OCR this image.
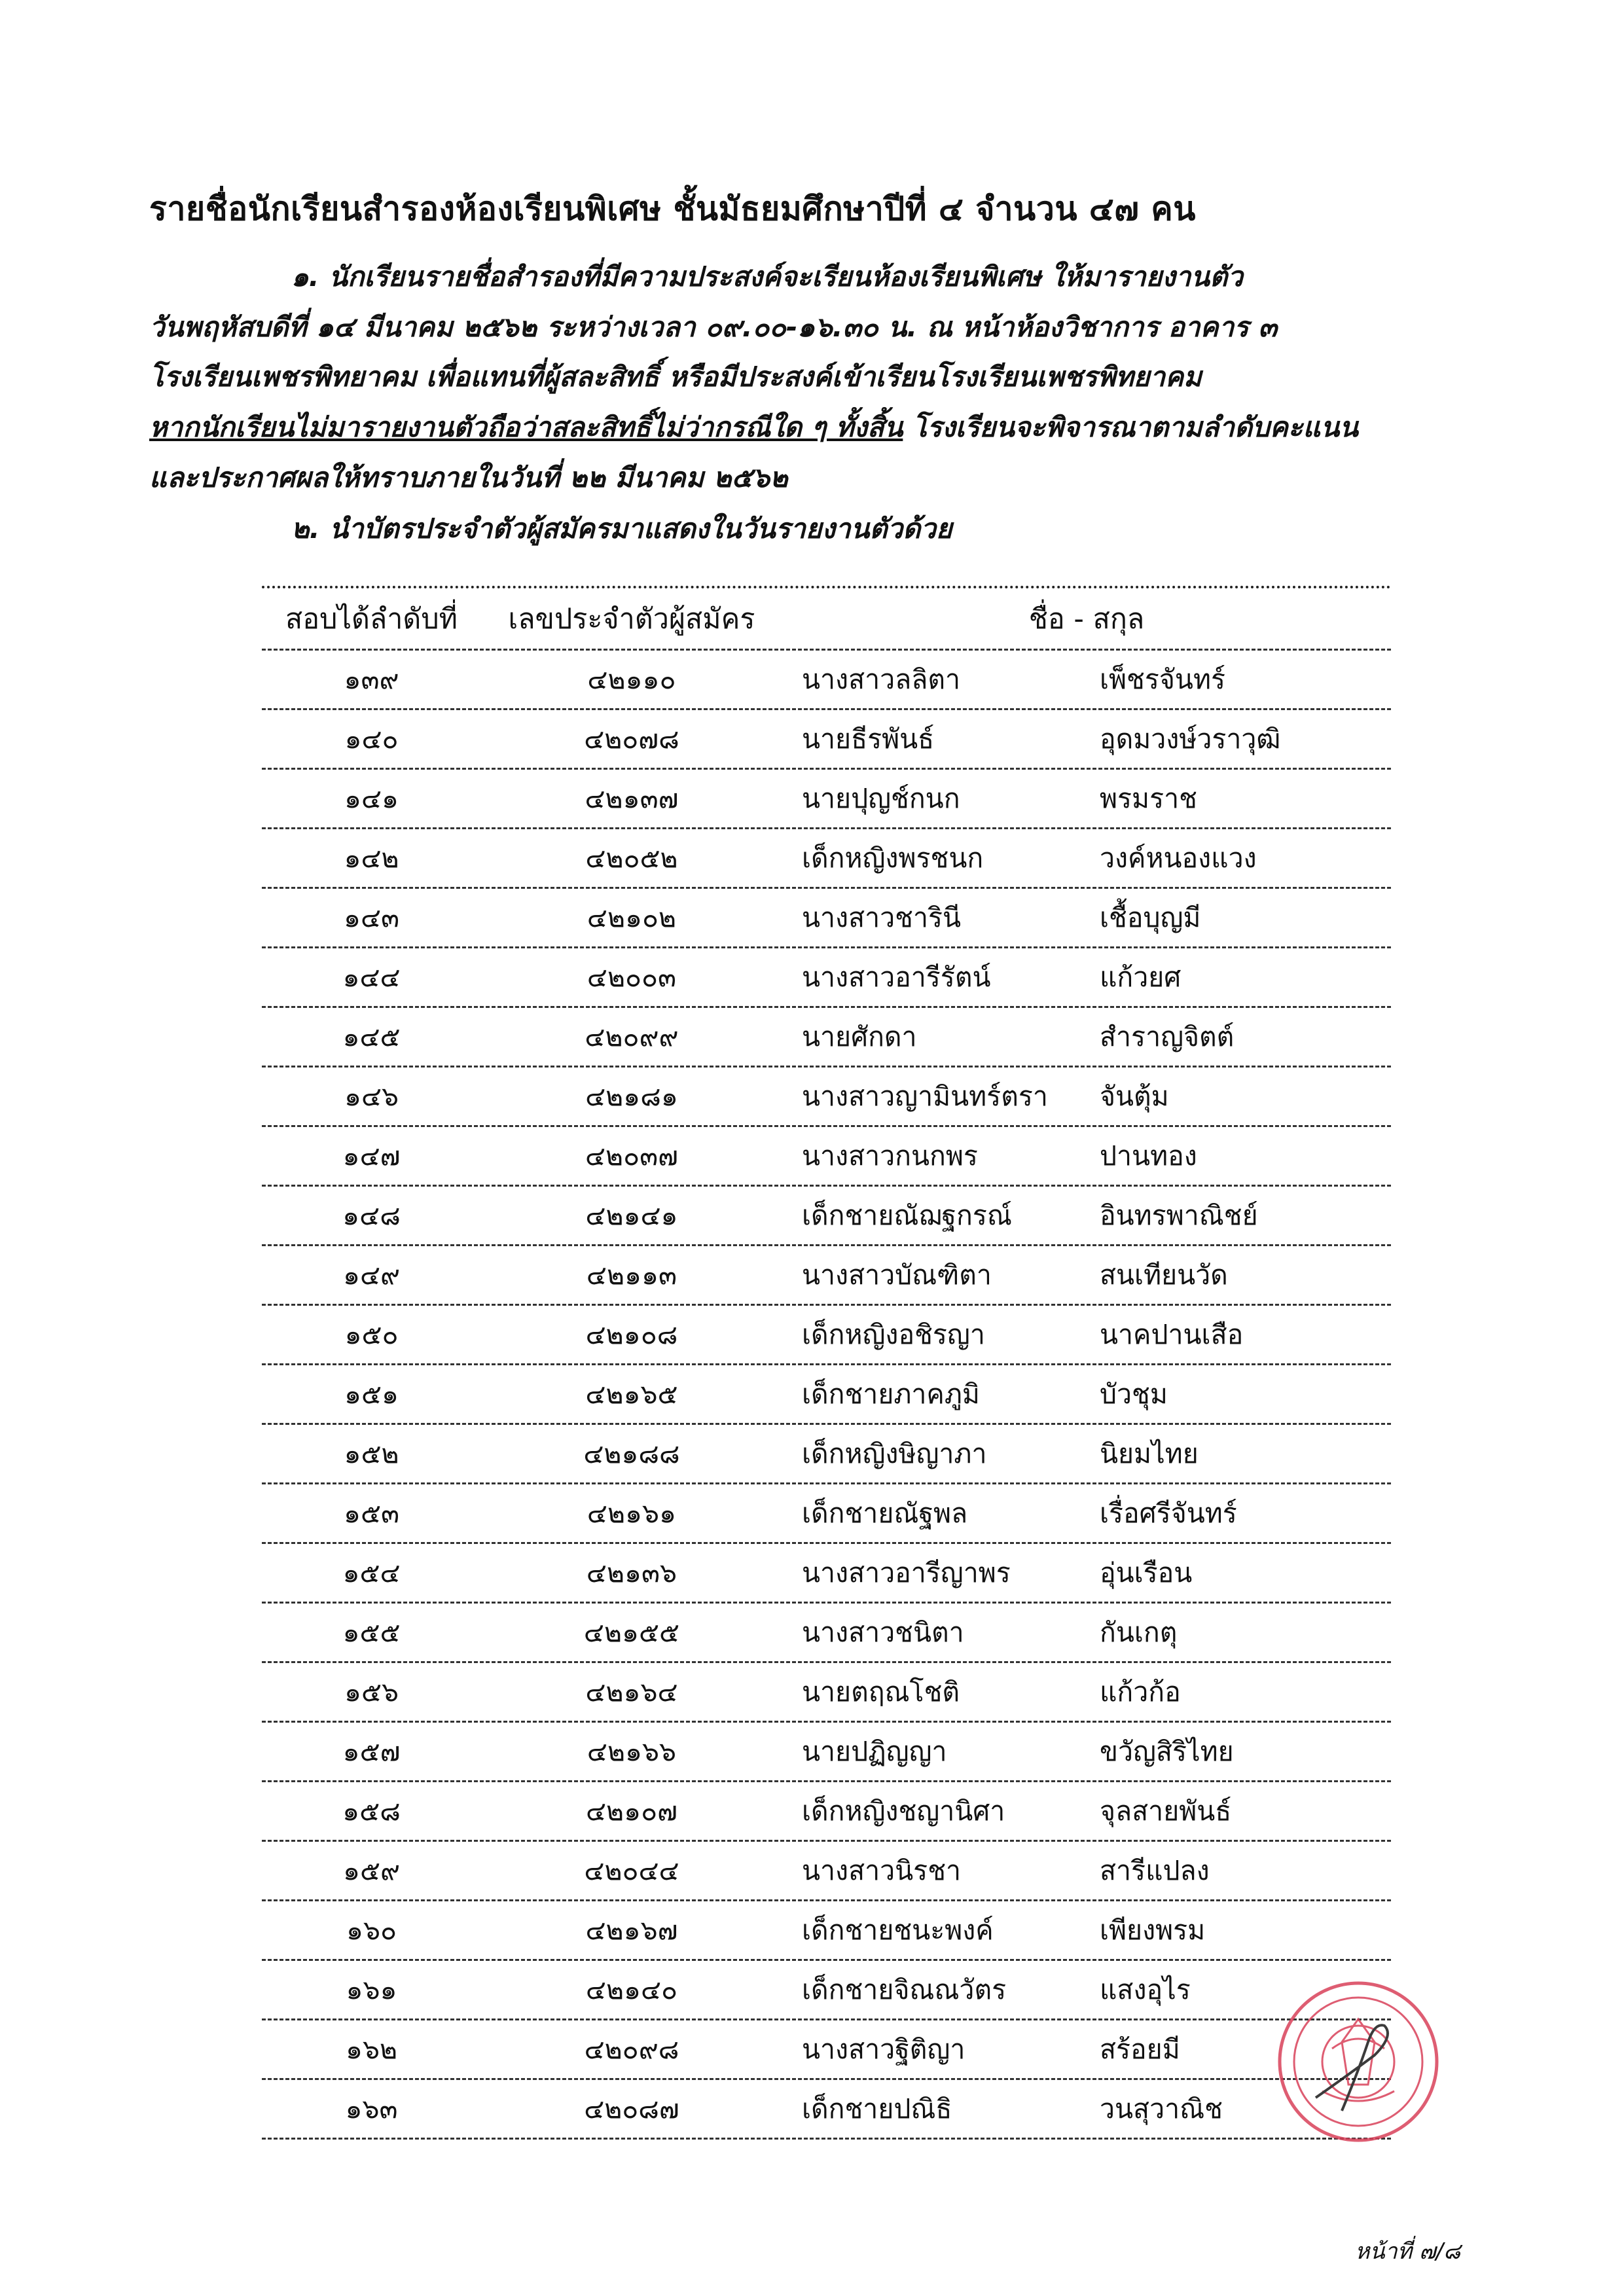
รายชื่อนักเรียนสำรองห้องเรียนพิเศษ ชั้นมัธยมศึกษาปีที่ ๔ จำนวน ๔๗ คน
๑. นักเรียนรายชื่อสำรองที่มีความประสงค์จะเรียนห้องเรียนพิเศษ ให้มารายงานตัว
วันพฤหัสบดีที่ ๑๔ มีนาคม ๒๕๖๒ ระหว่างเวลา ๐๙.๐๐-๑๖.๓๐ น. ณ หน้าห้องวิชาการ อาคาร ๓
โรงเรียนเพชรพิทยาคม เพื่อแทนที่ผู้สละสิทธิ์ หรือมีประสงค์เข้าเรียนโรงเรียนเพชรพิทยาคม
หากนักเรียนไม่มารายงานตัวถือว่าสละสิทธิ์ไม่ว่ากรณีใด ๆ ทั้งสิ้น โรงเรียนจะพิจารณาตามลำดับคะแนน
และประกาศผลให้ทราบภายในวันที่ ๒๒ มีนาคม ๒๕๖๒
๒. นำบัตรประจำตัวผู้สมัครมาแสดงในวันรายงานตัวด้วย
สอบได้ลำดับที่	เลขประจำตัวผู้สมัคร	ชื่อ - สกุล
๑๓๙	๔๒๑๑๐	นางสาวลลิตา	เพ็ชรจันทร์
๑๔๐	๔๒๐๗๘	นายธีรพันธ์	อุดมวงษ์วราวุฒิ
๑๔๑	๔๒๑๓๗	นายปุญช์กนก	พรมราช
๑๔๒	๔๒๐๕๒	เด็กหญิงพรชนก	วงค์หนองแวง
๑๔๓	๔๒๑๐๒	นางสาวชารินี	เชื้อบุญมี
๑๔๔	๔๒๐๐๓	นางสาวอารีรัตน์	แก้วยศ
๑๔๕	๔๒๐๙๙	นายศักดา	สำราญจิตต์
๑๔๖	๔๒๑๘๑	นางสาวญามินทร์ตรา	จันตุ้ม
๑๔๗	๔๒๐๓๗	นางสาวกนกพร	ปานทอง
๑๔๘	๔๒๑๔๑	เด็กชายณัฌฐกรณ์	อินทรพาณิชย์
๑๔๙	๔๒๑๑๓	นางสาวบัณฑิตา	สนเทียนวัด
๑๕๐	๔๒๑๐๘	เด็กหญิงอชิรญา	นาคปานเสือ
๑๕๑	๔๒๑๖๕	เด็กชายภาคภูมิ	บัวชุม
๑๕๒	๔๒๑๘๘	เด็กหญิงษิญาภา	นิยมไทย
๑๕๓	๔๒๑๖๑	เด็กชายณัฐพล	เรื่อศรีจันทร์
๑๕๔	๔๒๑๓๖	นางสาวอารีญาพร	อุ่นเรือน
๑๕๕	๔๒๑๕๕	นางสาวชนิตา	กันเกตุ
๑๕๖	๔๒๑๖๔	นายตฤณโชติ	แก้วก้อ
๑๕๗	๔๒๑๖๖	นายปฏิญญา	ขวัญสิริไทย
๑๕๘	๔๒๑๐๗	เด็กหญิงชญานิศา	จุลสายพันธ์
๑๕๙	๔๒๐๔๔	นางสาวนิรชา	สารีแปลง
๑๖๐	๔๒๑๖๗	เด็กชายชนะพงค์	เพียงพรม
๑๖๑	๔๒๑๔๐	เด็กชายจิณณวัตร	แสงอุไร
๑๖๒	๔๒๐๙๘	นางสาวฐิติญา	สร้อยมี
๑๖๓	๔๒๐๘๗	เด็กชายปณิธิ	วนสุวาณิช
หน้าที่ ๗/๘
